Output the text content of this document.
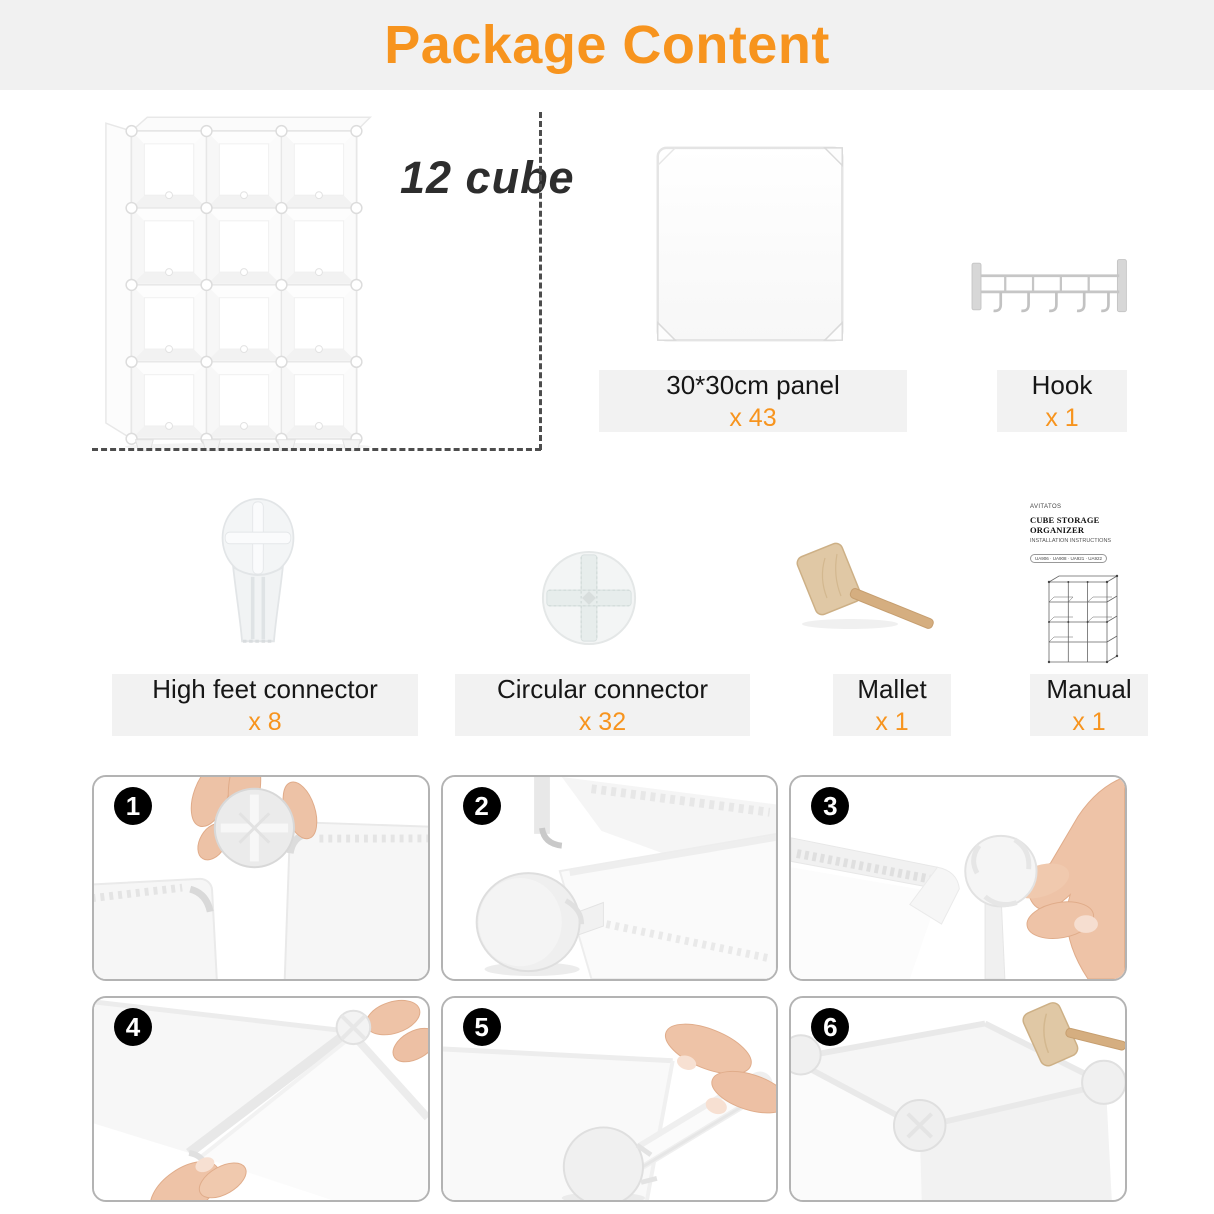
Package Content
12 cube
30*30cm panel
x 43
Hook
x 1
High feet connector
x 8
Circular connector
x 32
Mallet
x 1
AVITATOS
CUBE STORAGE ORGANIZER
INSTALLATION INSTRUCTIONS
UA906 · UA908 · UA921 · UA922
Manual
x 1
1	2	3
4	5	6
